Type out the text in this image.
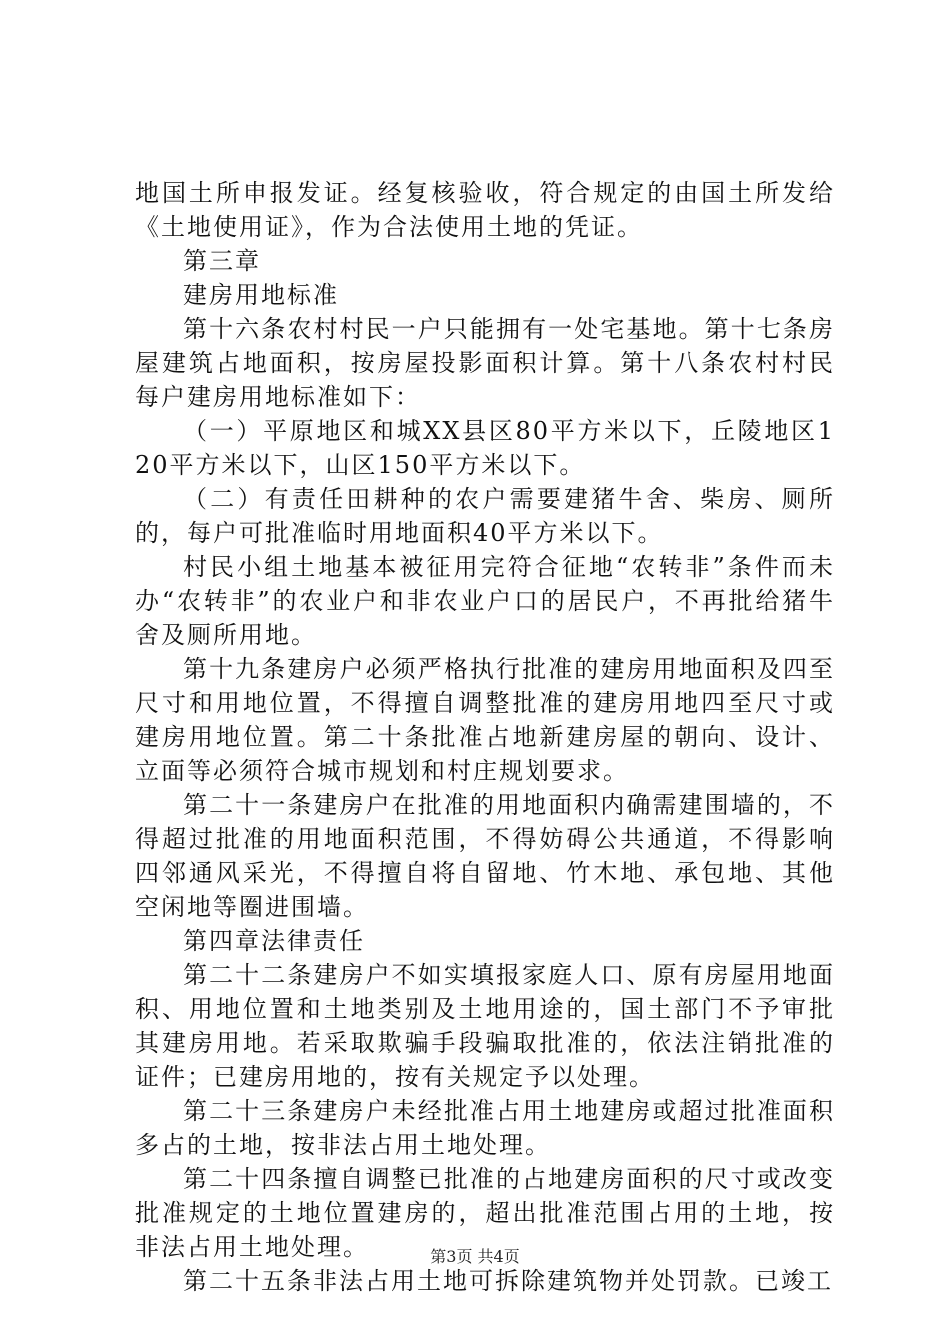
地国土所申报发证。经复核验收，符合规定的由国土所发给《土地使用证》，作为合法使用土地的凭证。

第三章

建房用地标准

第十六条农村村民一户只能拥有一处宅基地。第十七条房屋建筑占地面积，按房屋投影面积计算。第十八条农村村民每户建房用地标准如下：

（一）平原地区和城XX县区80平方米以下，丘陵地区120平方米以下，山区150平方米以下。

（二）有责任田耕种的农户需要建猪牛舍、柴房、厕所的，每户可批准临时用地面积40平方米以下。

村民小组土地基本被征用完符合征地“农转非”条件而未办“农转非”的农业户和非农业户口的居民户，不再批给猪牛舍及厕所用地。

第十九条建房户必须严格执行批准的建房用地面积及四至尺寸和用地位置，不得擅自调整批准的建房用地四至尺寸或建房用地位置。第二十条批准占地新建房屋的朝向、设计、立面等必须符合城市规划和村庄规划要求。

第二十一条建房户在批准的用地面积内确需建围墙的，不得超过批准的用地面积范围，不得妨碍公共通道，不得影响四邻通风采光，不得擅自将自留地、竹木地、承包地、其他空闲地等圈进围墙。

第四章法律责任

第二十二条建房户不如实填报家庭人口、原有房屋用地面积、用地位置和土地类别及土地用途的，国土部门不予审批其建房用地。若采取欺骗手段骗取批准的，依法注销批准的证件；已建房用地的，按有关规定予以处理。

第二十三条建房户未经批准占用土地建房或超过批准面积多占的土地，按非法占用土地处理。

第二十四条擅自调整已批准的占地建房面积的尺寸或改变批准规定的土地位置建房的，超出批准范围占用的土地，按非法占用土地处理。

第二十五条非法占用土地可拆除建筑物并处罚款。已竣工

第3页 共4页
